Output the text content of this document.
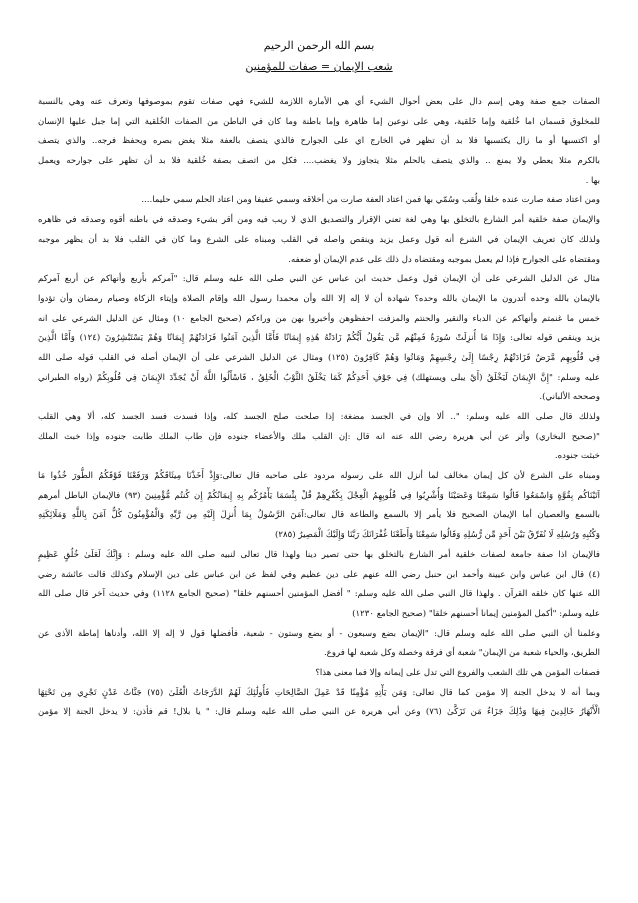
بسم الله الرحمن الرحيم
شعب الإيمان = صفات للمؤمنين
الصفات جمع صفة وهي إسم دال على بعض أحوال الشيء أي هي الأمارة اللازمة للشيء فهي صفات تقوم بموصوفها وتعرف عنه وهي بالنسبة
للمخلوق قسمان اما خُلقية وإما خَلقية، وهي على نوعين إما ظاهرة وإما باطنة وما كان في الباطن من الصفات الخُلقية التي إما جبل عليها الإنسان
أو اكتسبها أو ما زال يكتسبها فلا بد أن تظهر في الخارج اي على الجوارح فالذي يتصف بالعفة مثلا يغض بصره ويحفظ فرجه.. والذي يتصف
بالكرم مثلا يعطي ولا يمنع .. والذي يتصف بالحلم مثلا يتجاوز ولا يغضب.... فكل من اتصف بصفة خُلقية فلا بد أن تظهر على جوارحه ويعمل
بها .
ومن اعتاد صفة صارت عنده خلقا ولُقب وسُمّي بها فمن اعتاد العفة صارت من أخلاقه وسمي عفيفا ومن اعتاد الحلم سمي حليما....
والإيمان صفة خلقية أمر الشارع بالتخلق بها وهي لغة تعني الإقرار والتصديق الذي لا ريب فيه ومن أقر بشيء وصدقه في باطنه أقوه وصدقه في ظاهره
ولذلك كان تعريف الإيمان في الشرع أنه قول وعمل يزيد وينقص واصله في القلب ومبناه على الشرع وما كان في القلب فلا بد أن يظهر موجبه
ومقتضاه على الجوارح فإذا لم يعمل بموجبه ومقتضاه دل ذلك على عدم الإيمان أو ضعفه.
مثال عن الدليل الشرعي على أن الإيمان قول وعمل حديث ابن عباس عن النبي صلى الله عليه وسلم قال: "آمركم بأربع وأنهاكم عن أربع آمركم
بالإيمان بالله وحده أتدرون ما الإيمان بالله وحده؟ شهادة أن لا إله إلا الله وأن محمدا رسول الله وإقام الصلاة وإيتاء الزكاة وصيام رمضان وأن تؤدوا
خمس ما غنمتم وأنهاكم عن الدباء والنقير والحنتم والمزفت احفظوهن وأخبروا بهن من وراءكم (صحيح الجامع ١٠) ومثال عن الدليل الشرعي على انه
يزيد وينقص قوله تعالى: وَإِذَا مَا أُنزِلَتْ سُورَةٌ فَمِنْهُم مَّن يَقُولُ أَيُّكُمْ زَادَتْهُ هَٰذِهِ إِيمَانًا فَأَمَّا الَّذِينَ آمَنُوا فَزَادَتْهُمْ إِيمَانًا وَهُمْ يَسْتَبْشِرُونَ (١٢٤) وَأَمَّا الَّذِينَ
فِي قُلُوبِهِم مَّرَضٌ فَزَادَتْهُمْ رِجْسًا إِلَىٰ رِجْسِهِمْ وَمَاتُوا وَهُمْ كَافِرُونَ (١٢٥) ومثال عن الدليل الشرعي على أن الإيمان أصله في القلب قوله صلى الله
عليه وسلم: "إِنَّ الإِيمَانَ لَيَخْلَقُ (أَيْ يبلى ويستهلك) فِي جَوْفِ أَحَدِكُمْ كَمَا يَخْلَقُ الثَّوْبُ الْخَلِقُ ، فَاسْأَلُوا اللَّهَ أَنْ يُجَدِّدَ الإِيمَانَ فِي قُلُوبِكُمْ (رواه الطبراني
وصححه الألباني).
ولذلك قال صلى الله عليه وسلم: ".. ألا وإن في الجسد مضغة: إذا صلحت صلح الجسد كله، وإذا فسدت فسد الجسد كله، ألا وهي القلب
"(صحيح البخاري) وأثر عن أبي هريرة رضي الله عنه انه قال :إن القلب ملك والأعضاء جنوده فإن طاب الملك طابت جنوده وإذا خبث الملك
خبثت جنوده.
ومبناه على الشرع لأن كل إيمان مخالف لما أنزل الله على رسوله مردود على صاحبه قال تعالى:وَإِذْ أَخَذْنَا مِيثَاقَكُمْ وَرَفَعْنَا فَوْقَكُمُ الطُّورَ خُذُوا مَا
آتَيْنَاكُم بِقُوَّةٍ وَاسْمَعُوا قَالُوا سَمِعْنَا وَعَصَيْنَا وَأُشْرِبُوا فِي قُلُوبِهِمُ الْعِجْلَ بِكُفْرِهِمْ قُلْ بِئْسَمَا يَأْمُرُكُم بِهِ إِيمَانُكُمْ إِن كُنتُم مُّؤْمِنِينَ (٩٣) فالإيمان الباطل أمرهم
بالسمع والعصيان أما الإيمان الصحيح فلا يأمر إلا بالسمع والطاعة قال تعالى:آمَنَ الرَّسُولُ بِمَا أُنزِلَ إِلَيْهِ مِن رَّبِّهِ وَالْمُؤْمِنُونَ كُلٌّ آمَنَ بِاللَّهِ وَمَلَائِكَتِهِ
وَكُتُبِهِ وَرُسُلِهِ لَا نُفَرِّقُ بَيْنَ أَحَدٍ مِّن رُّسُلِهِ وَقَالُوا سَمِعْنَا وَأَطَعْنَا غُفْرَانَكَ رَبَّنَا وَإِلَيْكَ الْمَصِيرُ (٢٨٥)
فالإيمان اذا صفة جامعة لصفات خلقية أمر الشارع بالتخلق بها حتى تصير دينا ولهذا قال تعالى لنبيه صلى الله عليه وسلم : وَإِنَّكَ لَعَلَىٰ خُلُقٍ عَظِيمٍ
(٤) قال ابن عباس وابن عيينة وأحمد ابن حنبل رضي الله عنهم على دين عظيم وفي لفظ عن ابن عباس على دين الإسلام وكذلك قالت عائشة رضي
الله عنها كان خلقه القرآن . ولهذا قال النبي صلى الله عليه وسلم: " أفضل المؤمنين أحسنهم خلقا" (صحيح الجامع ١١٢٨) وفي حديث آخر قال صلى الله
عليه وسلم: "أكمل المؤمنين إيمانا أحسنهم خلقا" (صحيح الجامع ١٢٣٠)
وعلمنا أن النبي صلى الله عليه وسلم قال: "الإيمان بضع وسبعون - أو بضع وستون - شعبة، فأفضلها قول لا إله إلا الله، وأدناها إماطة الأذى عن
الطريق، والحياء شعبة من الإيمان" شعبة أي فرقة وخصلة وكل شعبة لها فروع.
فصفات المؤمن هي تلك الشعب والفروع التي تدل على إيمانه وإلا فما معنى هذا؟
وبما أنه لا يدخل الجنة إلا مؤمن كما قال تعالى: وَمَن يَأْتِهِ مُؤْمِنًا قَدْ عَمِلَ الصَّالِحَاتِ فَأُولَٰئِكَ لَهُمُ الدَّرَجَاتُ الْعُلَىٰ (٧٥) جَنَّاتُ عَدْنٍ تَجْرِي مِن تَحْتِهَا
الْأَنْهَارُ خَالِدِينَ فِيهَا وَذَٰلِكَ جَزَاءُ مَن تَزَكَّىٰ (٧٦) وعن أبي هريرة عن النبي صلى الله عليه وسلم قال: " يا بلال! قم فأذن: لا يدخل الجنة إلا مؤمن
